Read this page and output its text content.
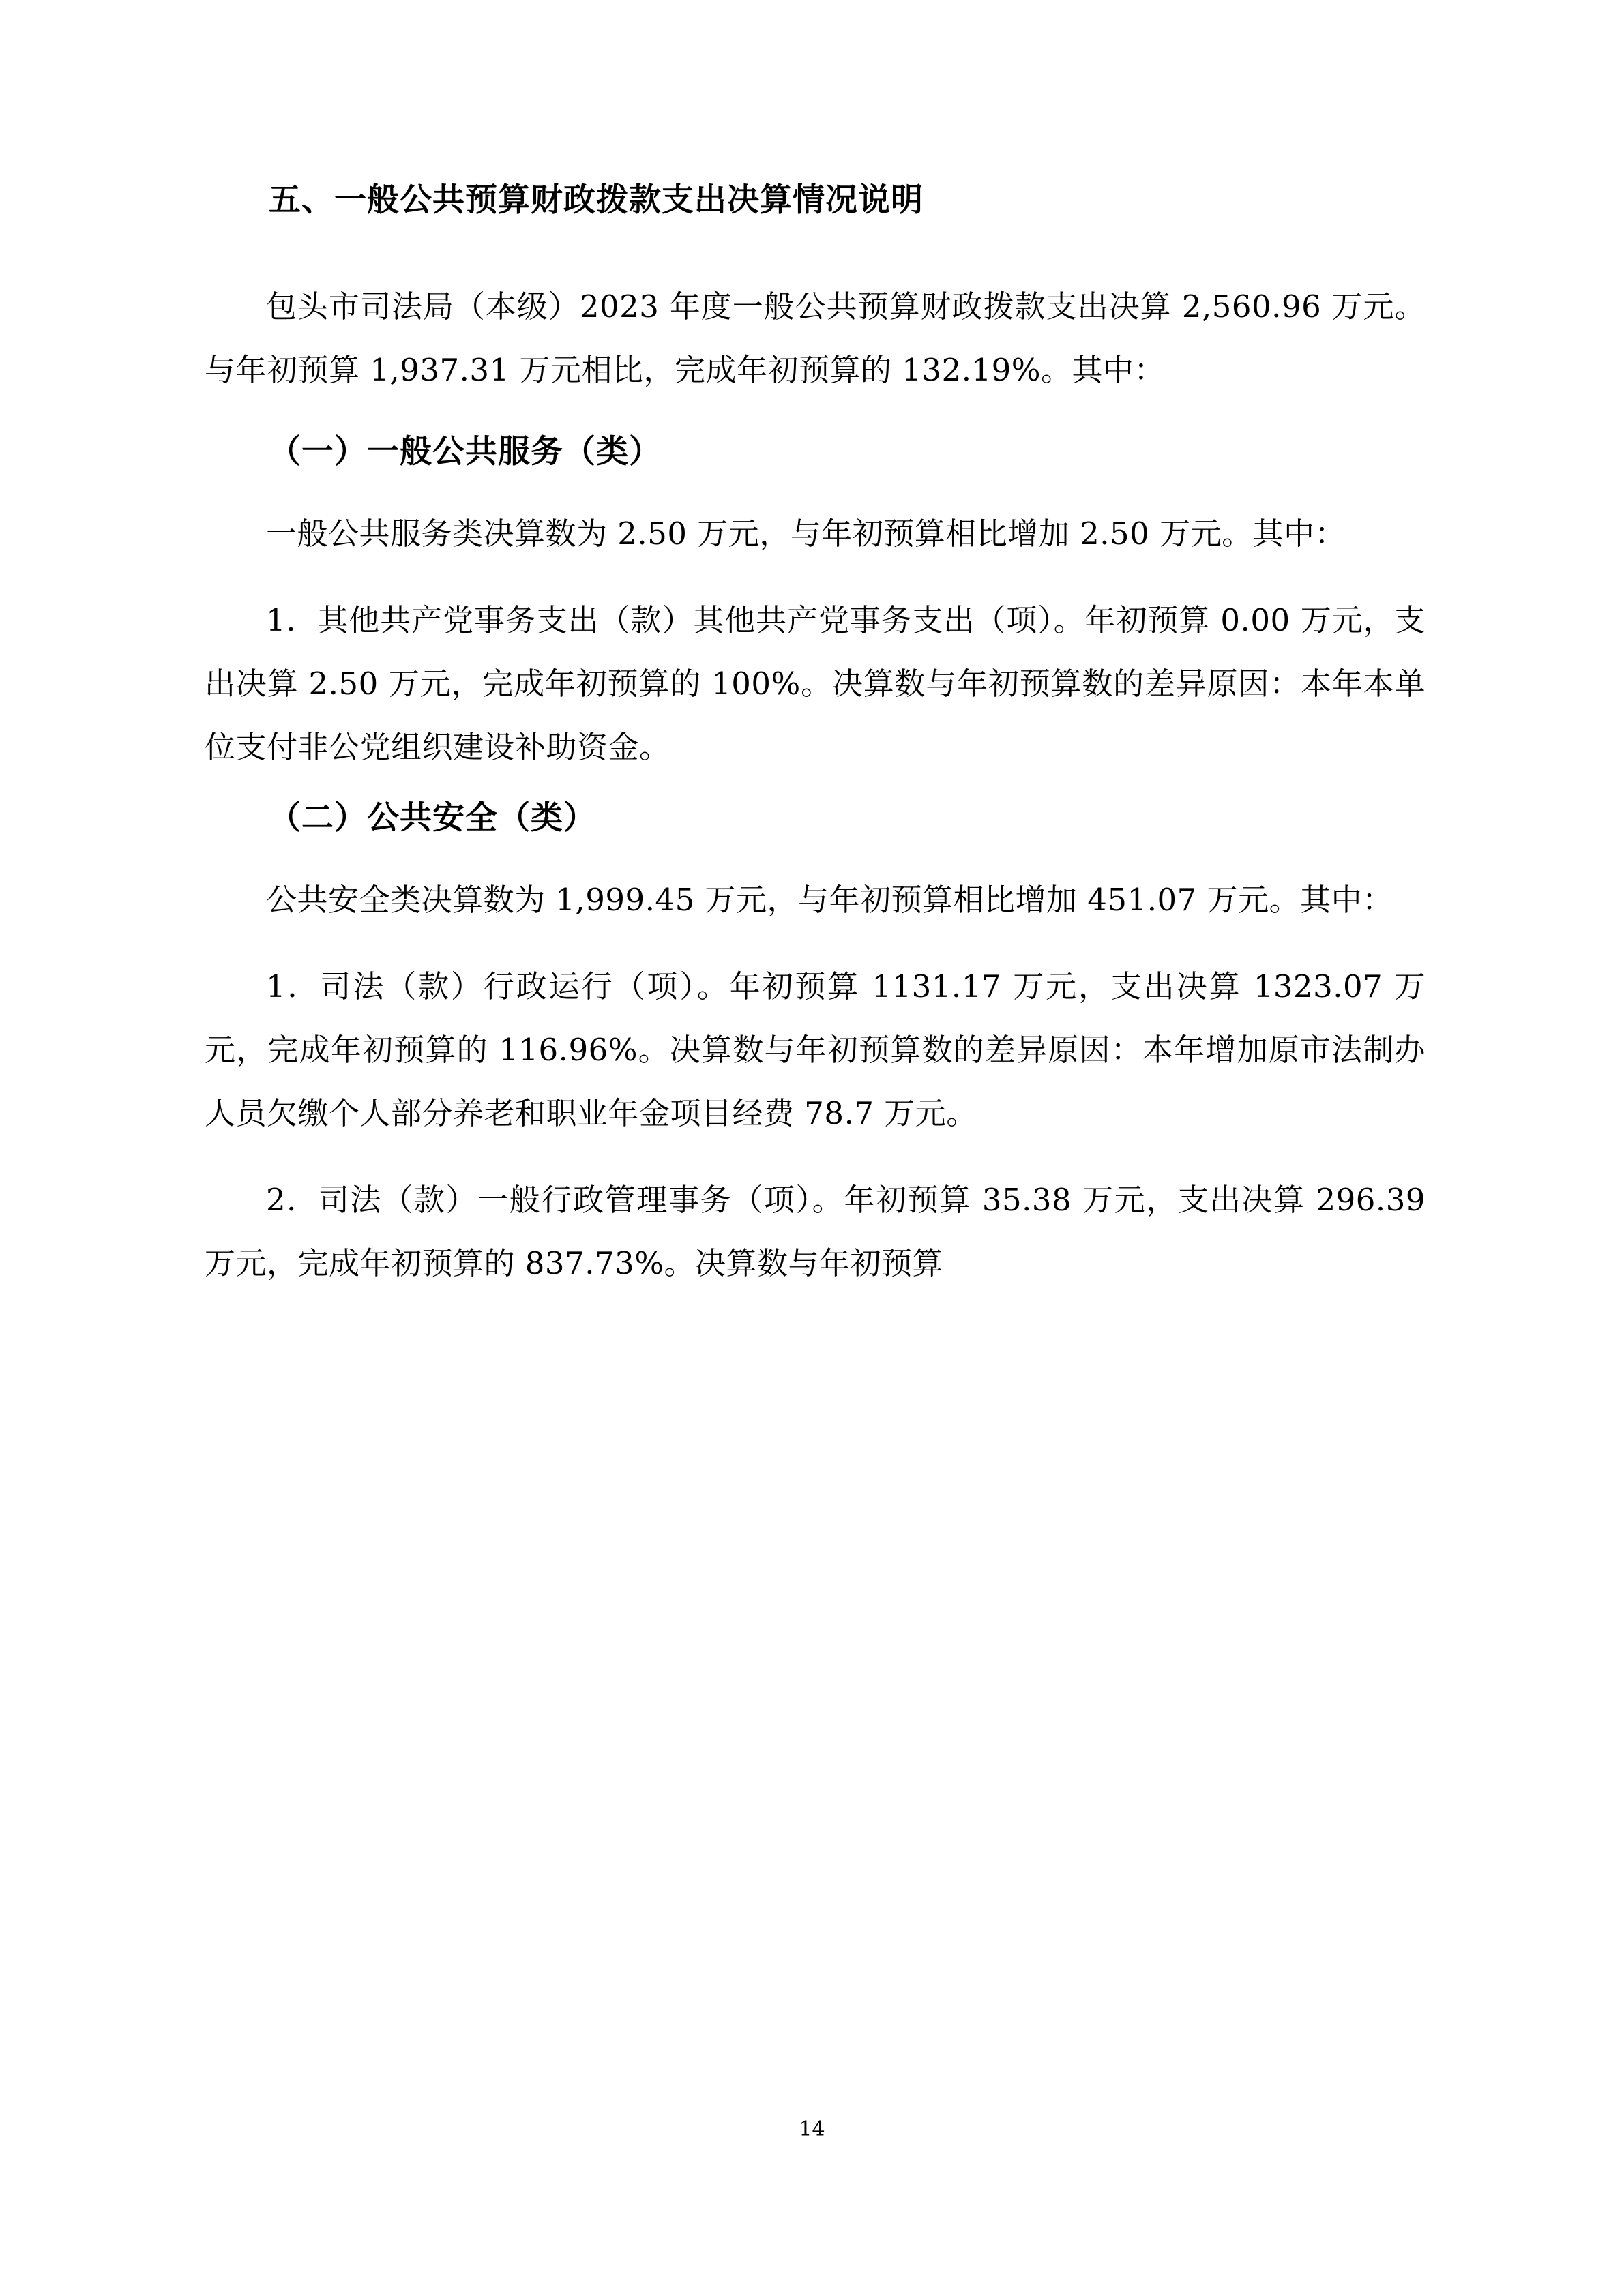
五、一般公共预算财政拨款支出决算情况说明

包头市司法局（本级）2023 年度一般公共预算财政拨款支出决算 2,560.96 万元。与年初预算 1,937.31 万元相比，完成年初预算的 132.19%。其中：

（一）一般公共服务（类）

一般公共服务类决算数为 2.50 万元，与年初预算相比增加 2.50 万元。其中：

1．其他共产党事务支出（款）其他共产党事务支出（项）。年初预算 0.00 万元，支出决算 2.50 万元，完成年初预算的 100%。决算数与年初预算数的差异原因：本年本单位支付非公党组织建设补助资金。

（二）公共安全（类）

公共安全类决算数为 1,999.45 万元，与年初预算相比增加 451.07 万元。其中：

1．司法（款）行政运行（项）。年初预算 1131.17 万元，支出决算 1323.07 万元，完成年初预算的 116.96%。决算数与年初预算数的差异原因：本年增加原市法制办人员欠缴个人部分养老和职业年金项目经费 78.7 万元。

2．司法（款）一般行政管理事务（项）。年初预算 35.38 万元，支出决算 296.39 万元，完成年初预算的 837.73%。决算数与年初预算

14
